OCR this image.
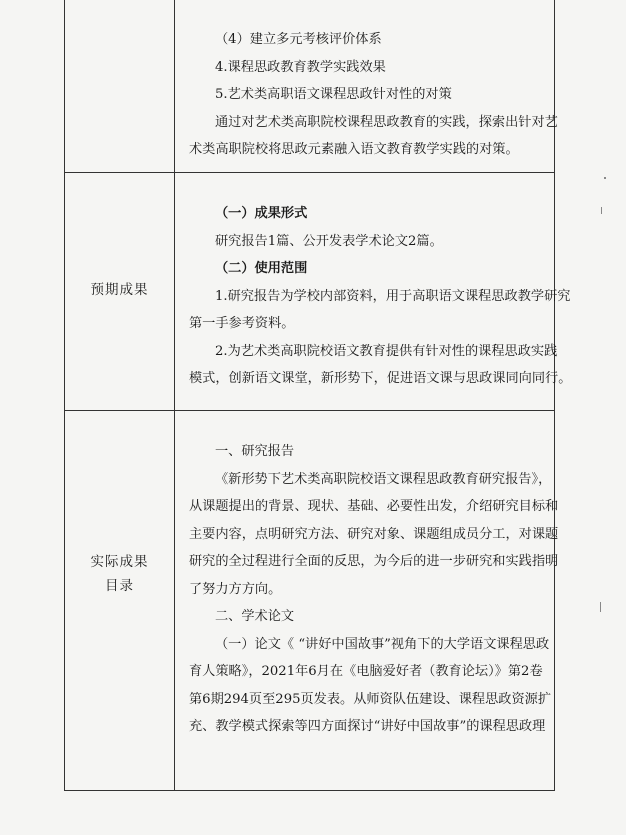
（4）建立多元考核评价体系

4.课程思政教育教学实践效果

5.艺术类高职语文课程思政针对性的对策

通过对艺术类高职院校课程思政教育的实践，探索出针对艺

术类高职院校将思政元素融入语文教育教学实践的对策。

预期成果

（一）成果形式

研究报告1篇、公开发表学术论文2篇。

（二）使用范围

1.研究报告为学校内部资料，用于高职语文课程思政教学研究

第一手参考资料。

2.为艺术类高职院校语文教育提供有针对性的课程思政实践

模式，创新语文课堂，新形势下，促进语文课与思政课同向同行。

实际成果
目录

一、研究报告

《新形势下艺术类高职院校语文课程思政教育研究报告》，

从课题提出的背景、现状、基础、必要性出发，介绍研究目标和

主要内容，点明研究方法、研究对象、课题组成员分工，对课题

研究的全过程进行全面的反思，为今后的进一步研究和实践指明

了努力方方向。

二、学术论文

（一）论文《 “讲好中国故事”视角下的大学语文课程思政

育人策略》，2021年6月在《电脑爱好者（教育论坛）》第2卷

第6期294页至295页发表。从师资队伍建设、课程思政资源扩

充、教学模式探索等四方面探讨“讲好中国故事”的课程思政理
